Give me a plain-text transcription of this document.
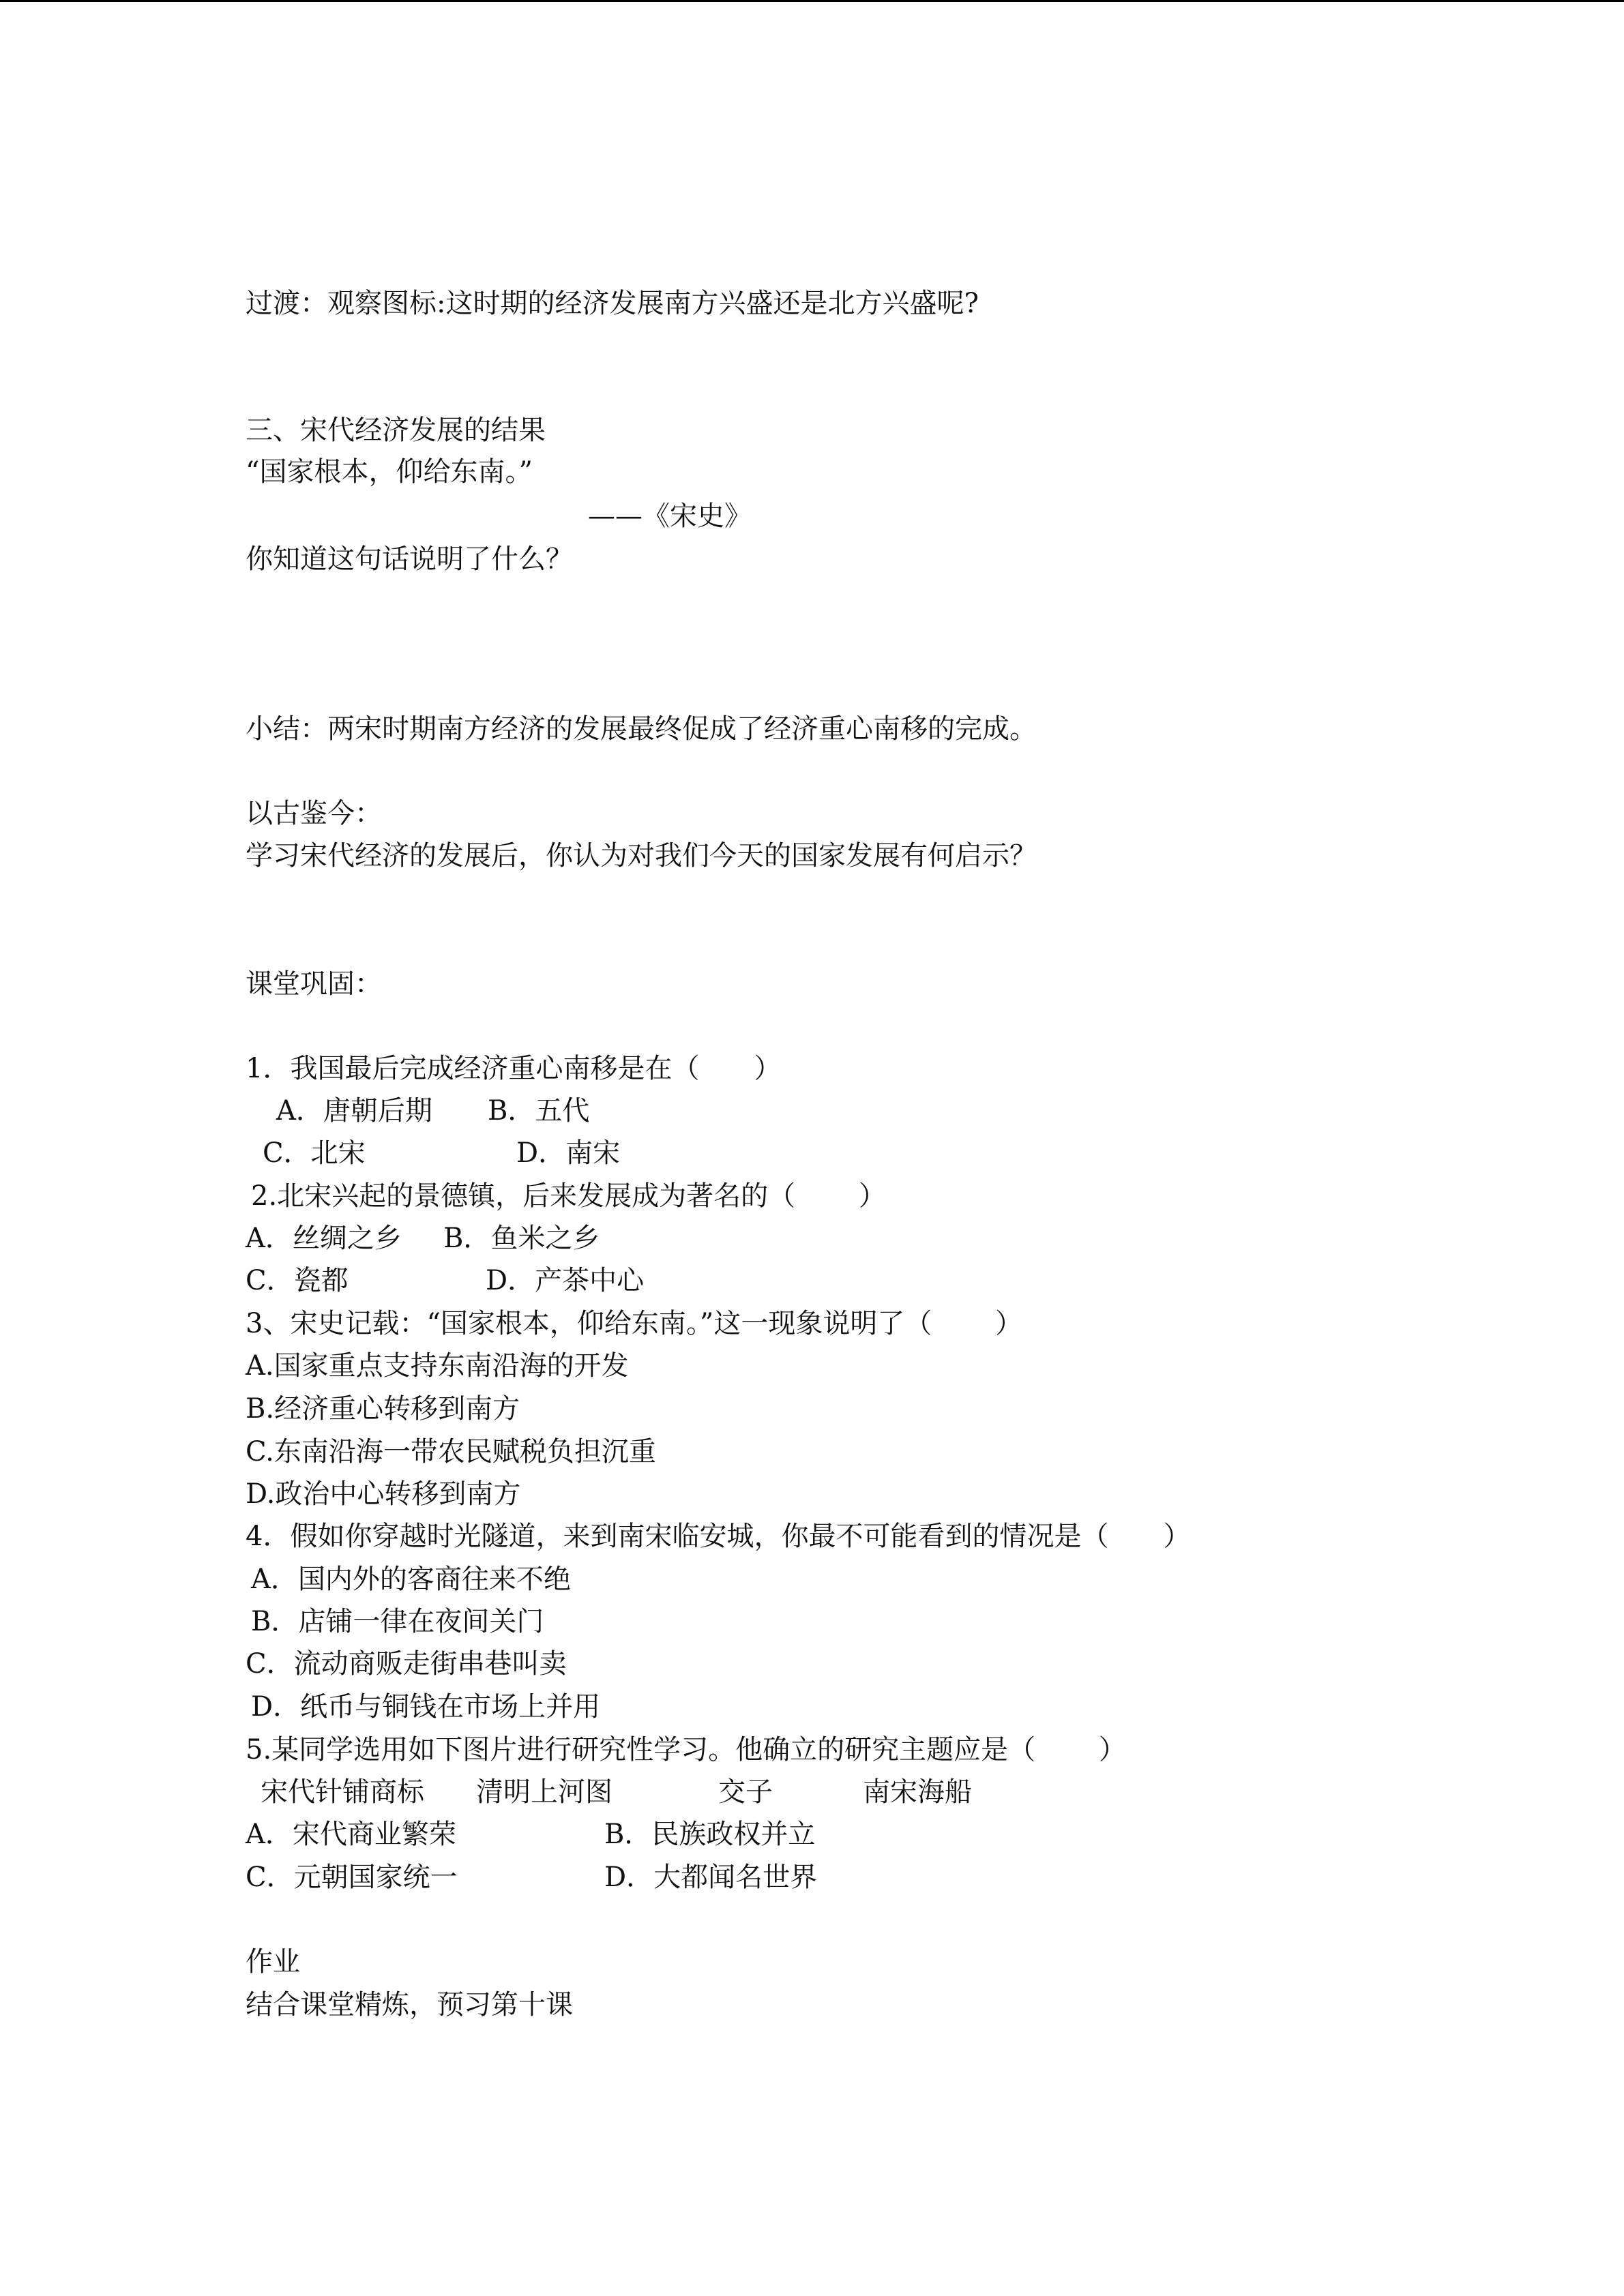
过渡：观察图标:这时期的经济发展南方兴盛还是北方兴盛呢?
三、宋代经济发展的结果
“国家根本，仰给东南。”
——《宋史》
你知道这句话说明了什么？
小结：两宋时期南方经济的发展最终促成了经济重心南移的完成。
以古鉴今：
学习宋代经济的发展后，你认为对我们今天的国家发展有何启示？
课堂巩固：
1．我国最后完成经济重心南移是在（　　）
A．唐朝后期 B．五代
C．北宋	D．南宋
2.北宋兴起的景德镇，后来发展成为著名的（　　 ）
A．丝绸之乡 B．鱼米之乡
C．瓷都	D．产茶中心
3、宋史记载：“国家根本，仰给东南。”这一现象说明了（　　 ）
A.国家重点支持东南沿海的开发
B.经济重心转移到南方
C.东南沿海一带农民赋税负担沉重
D.政治中心转移到南方
4．假如你穿越时光隧道，来到南宋临安城，你最不可能看到的情况是（　　）
A．国内外的客商往来不绝
B．店铺一律在夜间关门
C．流动商贩走街串巷叫卖
D．纸币与铜钱在市场上并用
5.某同学选用如下图片进行研究性学习。他确立的研究主题应是（　　 ）
宋代针铺商标 清明上河图	交子	南宋海船
A．宋代商业繁荣	B．民族政权并立
C．元朝国家统一	D．大都闻名世界
作业
结合课堂精炼，预习第十课
